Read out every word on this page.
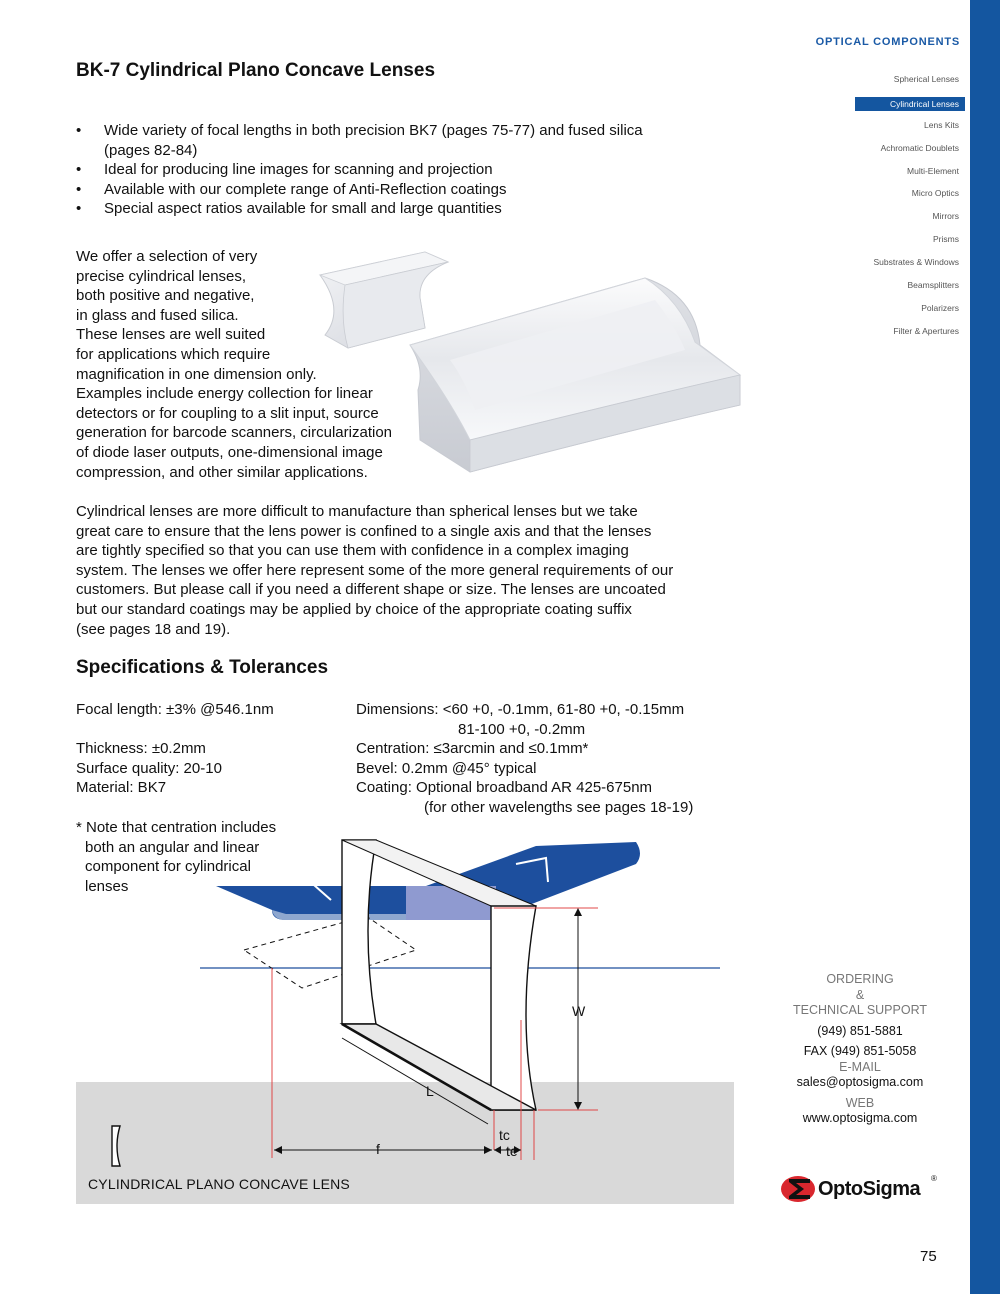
OPTICAL COMPONENTS
Spherical Lenses
Cylindrical Lenses
Lens Kits
Achromatic Doublets
Multi-Element
Micro Optics
Mirrors
Prisms
Substrates & Windows
Beamsplitters
Polarizers
Filter & Apertures
BK-7 Cylindrical Plano Concave Lenses
• Wide variety of focal lengths in both precision BK7 (pages 75-77) and fused silica
(pages 82-84)
• Ideal for producing line images for scanning and projection
• Available with our complete range of Anti-Reflection coatings
• Special aspect ratios available for small and large quantities
We offer a selection of very
precise cylindrical lenses,
both positive and negative,
in glass and fused silica.
These lenses are well suited
for applications which require
magnification in one dimension only.
Examples include energy collection for linear
detectors or for coupling to a slit input, source
generation for barcode scanners, circularization
of diode laser outputs, one-dimensional image
compression, and other similar applications.
Cylindrical lenses are more difficult to manufacture than spherical lenses but we take
great care to ensure that the lens power is confined to a single axis and that the lenses
are tightly specified so that you can use them with confidence in a complex imaging
system. The lenses we offer here represent some of the more general requirements of our
customers. But please call if you need a different shape or size. The lenses are uncoated
but our standard coatings may be applied by choice of the appropriate coating suffix
(see pages 18 and 19).
Specifications & Tolerances
Focal length: ±3% @546.1nm
Thickness: ±0.2mm
Surface quality: 20-10
Material: BK7
Dimensions: <60 +0, -0.1mm, 61-80 +0, -0.15mm
81-100 +0, -0.2mm
Centration: ≤3arcmin and ≤0.1mm*
Bevel: 0.2mm @45° typical
Coating: Optional broadband AR 425-675nm
(for other wavelengths see pages 18-19)
* Note that centration includes
both an angular and linear
component for cylindrical
lenses
W
L
f
tc
te
CYLINDRICAL PLANO CONCAVE LENS
ORDERING
&
TECHNICAL SUPPORT
(949) 851-5881
FAX (949) 851-5058
E-MAIL
sales@optosigma.com
WEB
www.optosigma.com
OptoSigma ®
75
